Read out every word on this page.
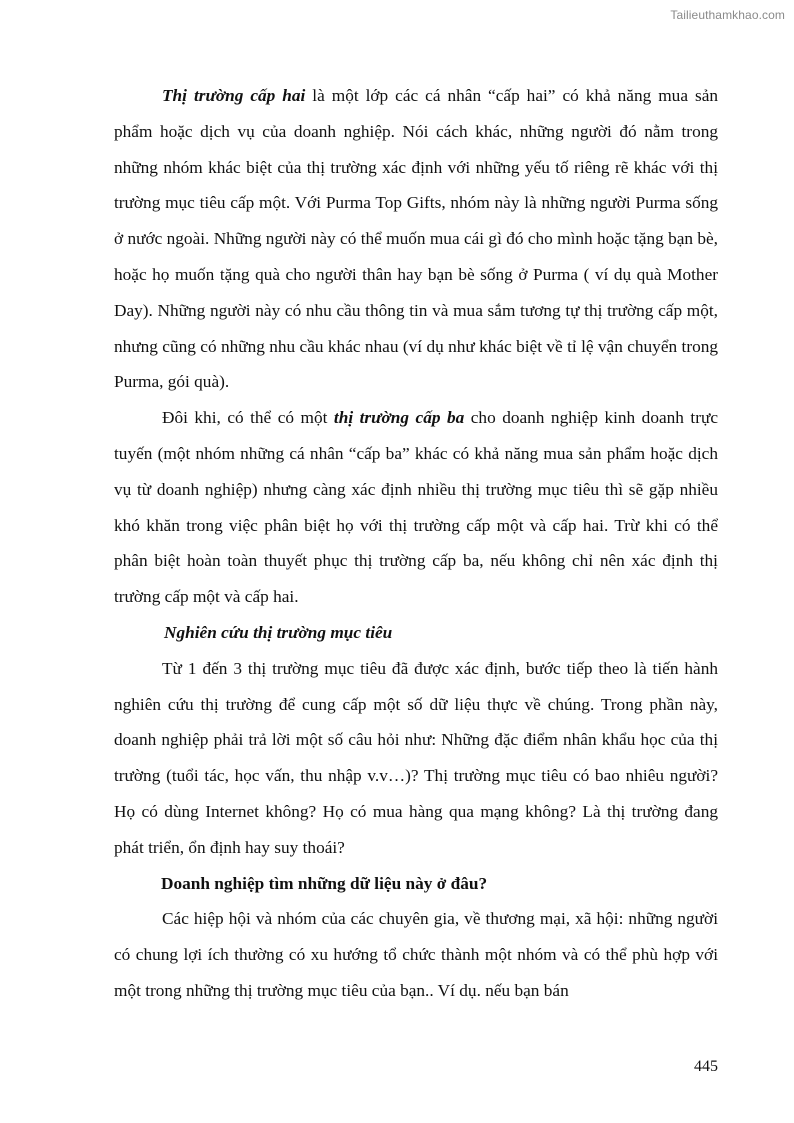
Tailieuthamkhao.com

Thị trường cấp hai là một lớp các cá nhân “cấp hai” có khả năng mua sản phẩm hoặc dịch vụ của doanh nghiệp. Nói cách khác, những người đó nằm trong những nhóm khác biệt của thị trường xác định với những yếu tố riêng rẽ khác với thị trường mục tiêu cấp một. Với Purma Top Gifts, nhóm này là những người Purma sống ở nước ngoài. Những người này có thể muốn mua cái gì đó cho mình hoặc tặng bạn bè, hoặc họ muốn tặng quà cho người thân hay bạn bè sống ở Purma ( ví dụ quà Mother Day). Những người này có nhu cầu thông tin và mua sắm tương tự thị trường cấp một, nhưng cũng có những nhu cầu khác nhau (ví dụ như khác biệt về tỉ lệ vận chuyển trong Purma, gói quà).

Đôi khi, có thể có một thị trường cấp ba cho doanh nghiệp kinh doanh trực tuyến (một nhóm những cá nhân “cấp ba” khác có khả năng mua sản phẩm hoặc dịch vụ từ doanh nghiệp) nhưng càng xác định nhiều thị trường mục tiêu thì sẽ gặp nhiều khó khăn trong việc phân biệt họ với thị trường cấp một và cấp hai. Trừ khi có thể phân biệt hoàn toàn thuyết phục thị trường cấp ba, nếu không chỉ nên xác định thị trường cấp một và cấp hai.

Nghiên cứu thị trường mục tiêu

Từ 1 đến 3 thị trường mục tiêu đã được xác định, bước tiếp theo là tiến hành nghiên cứu thị trường để cung cấp một số dữ liệu thực về chúng. Trong phần này, doanh nghiệp phải trả lời một số câu hỏi như: Những đặc điểm nhân khẩu học của thị trường (tuổi tác, học vấn, thu nhập v.v…)? Thị trường mục tiêu có bao nhiêu người? Họ có dùng Internet không? Họ có mua hàng qua mạng không? Là thị trường đang phát triển, ổn định hay suy thoái?

Doanh nghiệp tìm những dữ liệu này ở đâu?

Các hiệp hội và nhóm của các chuyên gia, về thương mại, xã hội: những người có chung lợi ích thường có xu hướng tổ chức thành một nhóm và có thể phù hợp với một trong những thị trường mục tiêu của bạn.. Ví dụ. nếu bạn bán

445
